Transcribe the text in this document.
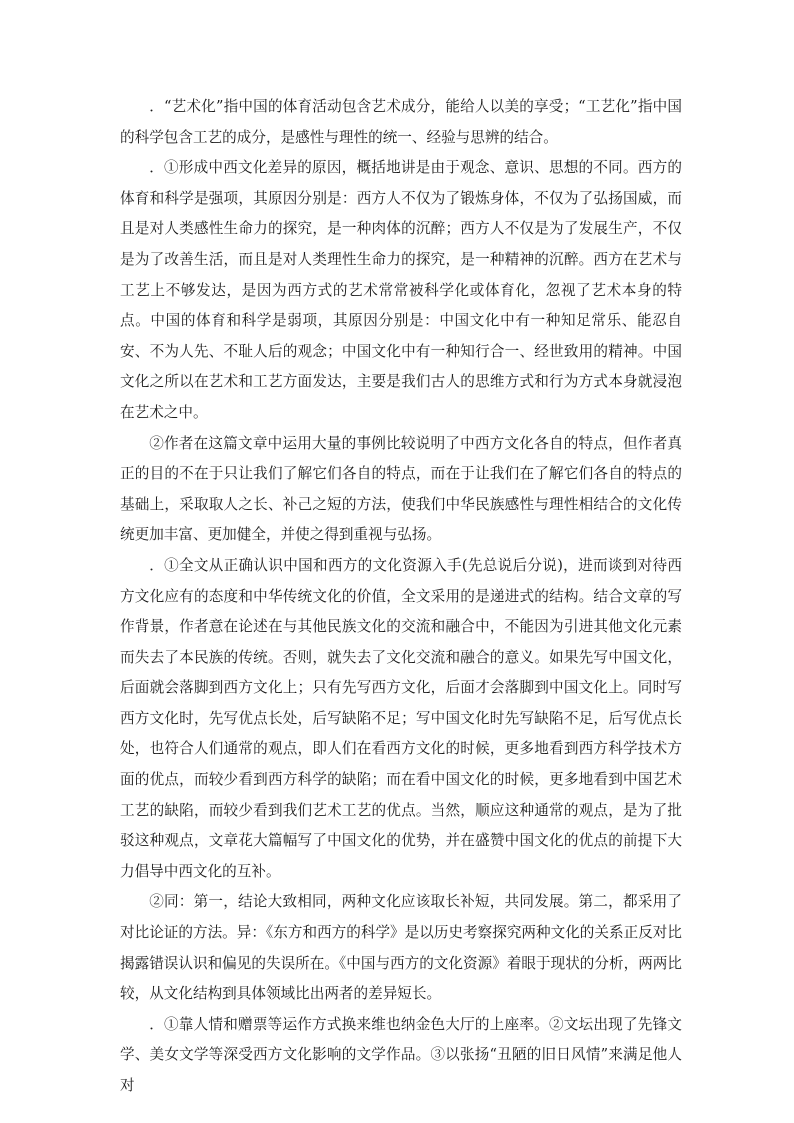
．“艺术化”指中国的体育活动包含艺术成分，能给人以美的享受；“工艺化”指中国的科学包含工艺的成分，是感性与理性的统一、经验与思辨的结合。

．①形成中西文化差异的原因，概括地讲是由于观念、意识、思想的不同。西方的体育和科学是强项，其原因分别是：西方人不仅为了锻炼身体，不仅为了弘扬国威，而且是对人类感性生命力的探究，是一种肉体的沉醉；西方人不仅是为了发展生产，不仅是为了改善生活，而且是对人类理性生命力的探究，是一种精神的沉醉。西方在艺术与工艺上不够发达，是因为西方式的艺术常常被科学化或体育化，忽视了艺术本身的特点。中国的体育和科学是弱项，其原因分别是：中国文化中有一种知足常乐、能忍自安、不为人先、不耻人后的观念；中国文化中有一种知行合一、经世致用的精神。中国文化之所以在艺术和工艺方面发达，主要是我们古人的思维方式和行为方式本身就浸泡在艺术之中。

②作者在这篇文章中运用大量的事例比较说明了中西方文化各自的特点，但作者真正的目的不在于只让我们了解它们各自的特点，而在于让我们在了解它们各自的特点的基础上，采取取人之长、补己之短的方法，使我们中华民族感性与理性相结合的文化传统更加丰富、更加健全，并使之得到重视与弘扬。

．①全文从正确认识中国和西方的文化资源入手(先总说后分说)，进而谈到对待西方文化应有的态度和中华传统文化的价值，全文采用的是递进式的结构。结合文章的写作背景，作者意在论述在与其他民族文化的交流和融合中，不能因为引进其他文化元素而失去了本民族的传统。否则，就失去了文化交流和融合的意义。如果先写中国文化，后面就会落脚到西方文化上；只有先写西方文化，后面才会落脚到中国文化上。同时写西方文化时，先写优点长处，后写缺陷不足；写中国文化时先写缺陷不足，后写优点长处，也符合人们通常的观点，即人们在看西方文化的时候，更多地看到西方科学技术方面的优点，而较少看到西方科学的缺陷；而在看中国文化的时候，更多地看到中国艺术工艺的缺陷，而较少看到我们艺术工艺的优点。当然，顺应这种通常的观点，是为了批驳这种观点，文章花大篇幅写了中国文化的优势，并在盛赞中国文化的优点的前提下大力倡导中西文化的互补。

②同：第一，结论大致相同，两种文化应该取长补短，共同发展。第二，都采用了对比论证的方法。异：《东方和西方的科学》是以历史考察探究两种文化的关系正反对比揭露错误认识和偏见的失误所在。《中国与西方的文化资源》着眼于现状的分析，两两比较，从文化结构到具体领域比出两者的差异短长。

．①靠人情和赠票等运作方式换来维也纳金色大厅的上座率。②文坛出现了先锋文学、美女文学等深受西方文化影响的文学作品。③以张扬“丑陋的旧日风情”来满足他人对
